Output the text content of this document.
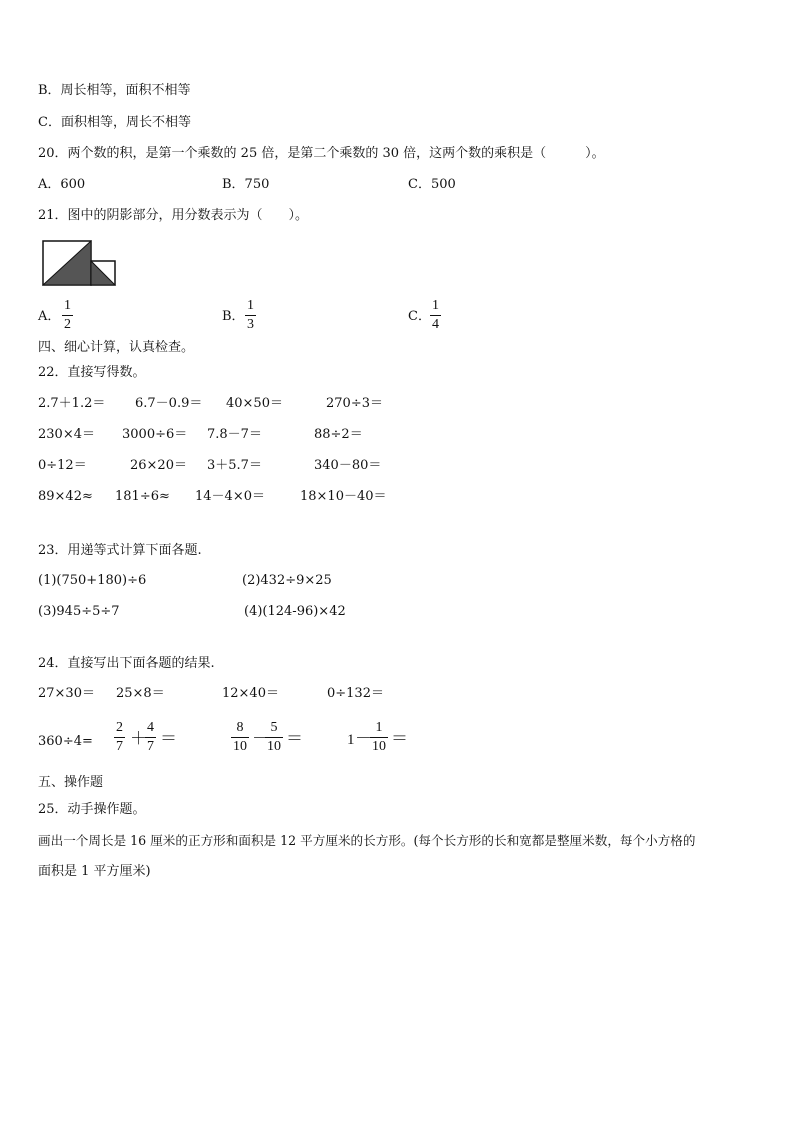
B．周长相等，面积不相等
C．面积相等，周长不相等
20．两个数的积，是第一个乘数的 25 倍，是第二个乘数的 30 倍，这两个数的乘积是（　　　）。
A．600	B．750	C．500
21．图中的阴影部分，用分数表示为（　　）。
A．
1
2
B．
1
3
C．
1
4
四、细心计算，认真检查。
22．直接写得数。
2.7＋1.2＝ 6.7－0.9＝ 40×50＝	270÷3＝
230×4＝ 3000÷6＝ 7.8－7＝	88÷2＝
0÷12＝	26×20＝ 3＋5.7＝	340－80＝
89×42≈ 181÷6≈ 14－4×0＝	18×10－40＝
23．用递等式计算下面各题.
(1)(750+180)÷6	(2)432÷9×25
(3)945÷5÷7	(4)(124-96)×42
24．直接写出下面各题的结果.
27×30＝ 25×8＝	12×40＝	0÷132＝
360÷4=
2
7 ＋
4
7 ＝
8
10 －
5
10 ＝	1 －
1
10 ＝
五、操作题
25．动手操作题。
画出一个周长是 16 厘米的正方形和面积是 12 平方厘米的长方形。(每个长方形的长和宽都是整厘米数，每个小方格的
面积是 1 平方厘米)
